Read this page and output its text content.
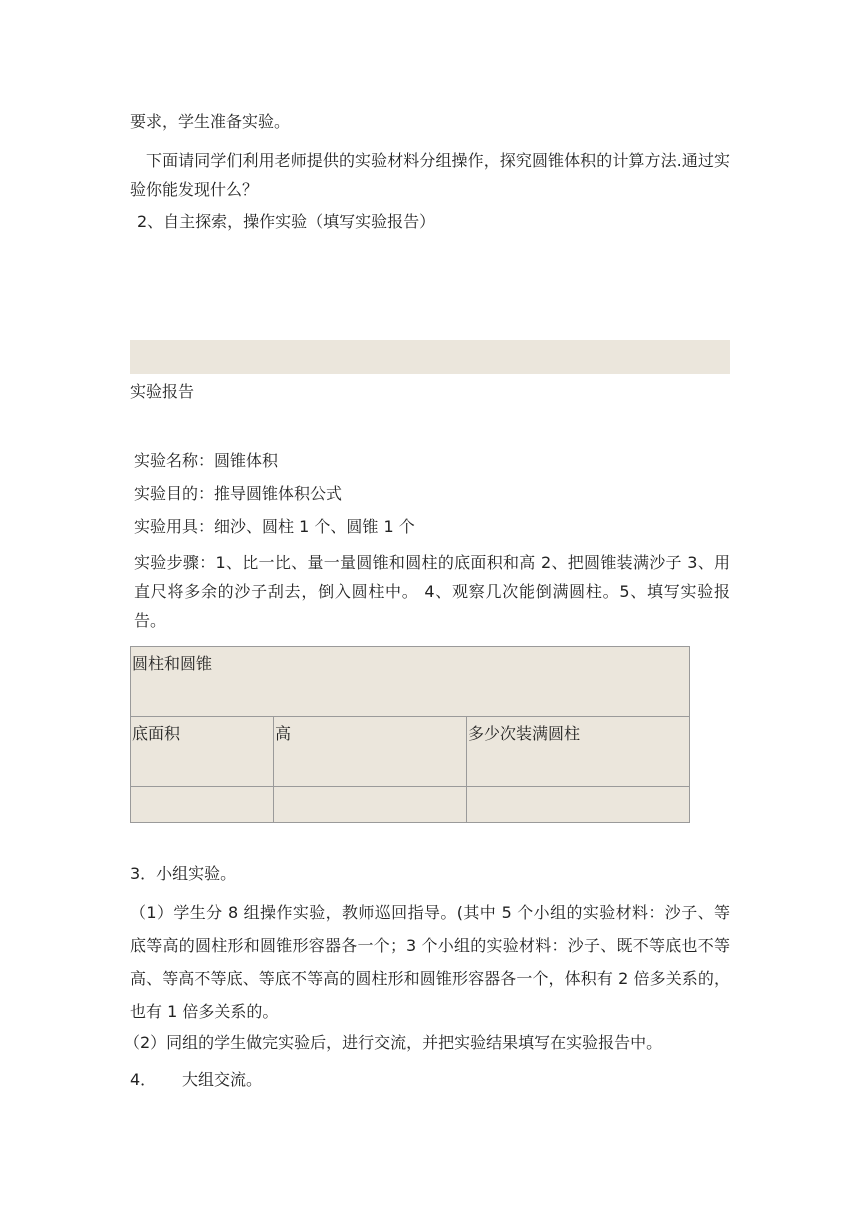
要求，学生准备实验。
下面请同学们利用老师提供的实验材料分组操作，探究圆锥体积的计算方法.通过实验你能发现什么？
2、自主探索，操作实验（填写实验报告）
实验报告
实验名称：圆锥体积
实验目的：推导圆锥体积公式
实验用具：细沙、圆柱 1 个、圆锥 1 个
实验步骤：1、比一比、量一量圆锥和圆柱的底面积和高 2、把圆锥装满沙子 3、用直尺将多余的沙子刮去，倒入圆柱中。 4、观察几次能倒满圆柱。5、填写实验报告。
圆柱和圆锥		
底面积	高	多少次装满圆柱

3．小组实验。
（1）学生分 8 组操作实验，教师巡回指导。(其中 5 个小组的实验材料：沙子、等底等高的圆柱形和圆锥形容器各一个；3 个小组的实验材料：沙子、既不等底也不等高、等高不等底、等底不等高的圆柱形和圆锥形容器各一个，体积有 2 倍多关系的，也有 1 倍多关系的。
（2）同组的学生做完实验后，进行交流，并把实验结果填写在实验报告中。
4． 大组交流。
